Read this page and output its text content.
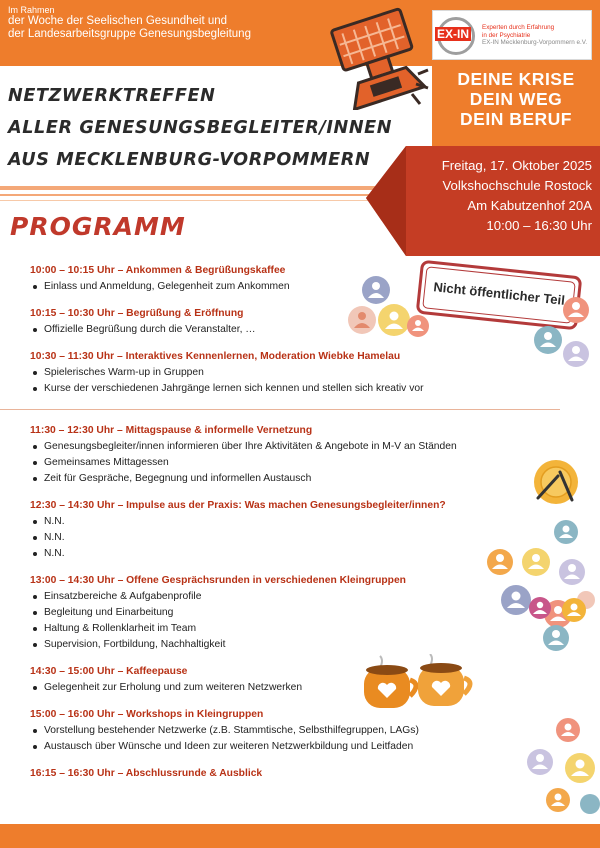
Im Rahmen
der Woche der Seelischen Gesundheit und
der Landesarbeitsgruppe Genesungsbegleitung	EX-IN	Experten durch Erfahrung
in der Psychiatrie
EX-IN Mecklenburg-Vorpommern e.V.
DEINE KRISE
DEIN WEG
DEIN BERUF
NETZWERKTREFFEN
ALLER GENESUNGSBEGLEITER/INNEN
AUS MECKLENBURG-VORPOMMERN	Freitag, 17. Oktober 2025
Volkshochschule Rostock
Am Kabutzenhof 20A
10:00 – 16:30 Uhr
PROGRAMM
Nicht öffentlicher Teil
10:00 – 10:15 Uhr – Ankommen & Begrüßungskaffee
Einlass und Anmeldung, Gelegenheit zum Ankommen
10:15 – 10:30 Uhr – Begrüßung & Eröffnung
Offizielle Begrüßung durch die Veranstalter, …
10:30 – 11:30 Uhr – Interaktives Kennenlernen, Moderation Wiebke Hamelau
Spielerisches Warm-up in Gruppen
Kurse der verschiedenen Jahrgänge lernen sich kennen und stellen sich kreativ vor
11:30 – 12:30 Uhr – Mittagspause & informelle Vernetzung
Genesungsbegleiter/innen informieren über Ihre Aktivitäten & Angebote in M-V an Ständen
Gemeinsames Mittagessen
Zeit für Gespräche, Begegnung und informellen Austausch
12:30 – 14:30 Uhr – Impulse aus der Praxis: Was machen Genesungsbegleiter/innen?
N.N.
N.N.
N.N.
13:00 – 14:30 Uhr – Offene Gesprächsrunden in verschiedenen Kleingruppen
Einsatzbereiche & Aufgabenprofile
Begleitung und Einarbeitung
Haltung & Rollenklarheit im Team
Supervision, Fortbildung, Nachhaltigkeit
14:30 – 15:00 Uhr – Kaffeepause
Gelegenheit zur Erholung und zum weiteren Netzwerken
15:00 – 16:00 Uhr – Workshops in Kleingruppen
Vorstellung bestehender Netzwerke (z.B. Stammtische, Selbsthilfegruppen, LAGs)
Austausch über Wünsche und Ideen zur weiteren Netzwerkbildung und Leitfaden
16:15 – 16:30 Uhr – Abschlussrunde & Ausblick
